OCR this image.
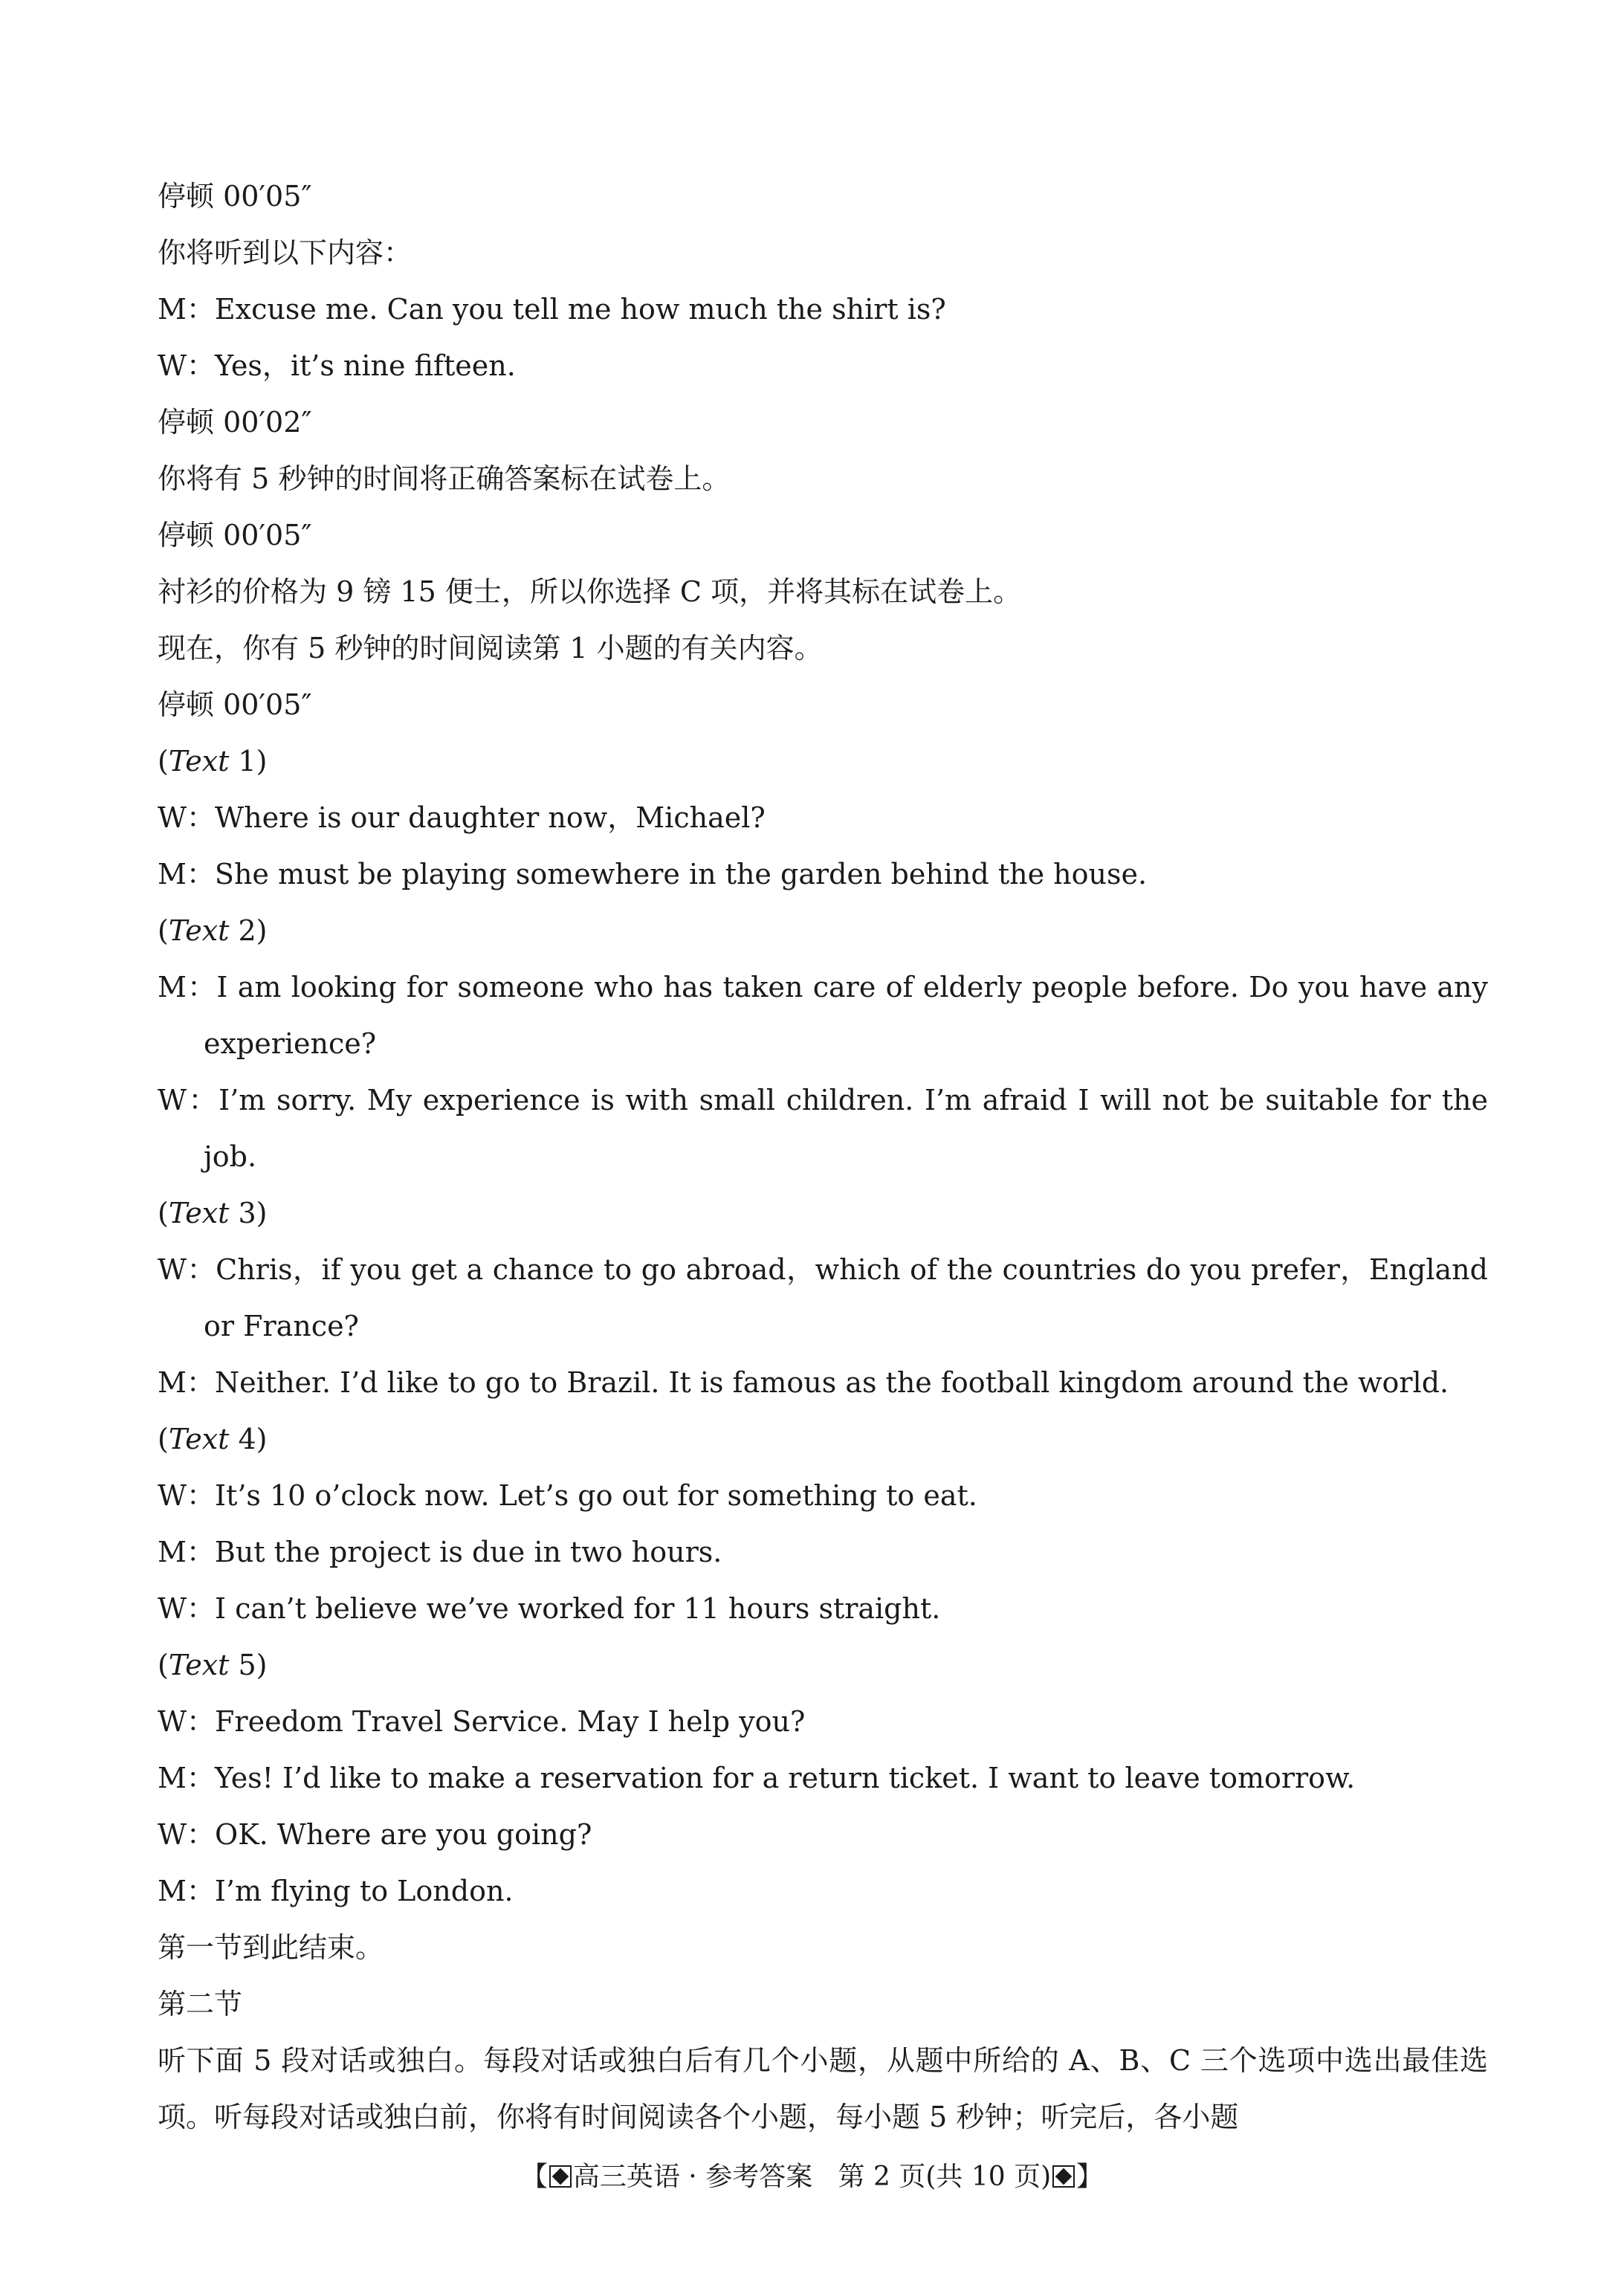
停顿 00′05″
你将听到以下内容：
M：Excuse me. Can you tell me how much the shirt is?
W：Yes，it’s nine fifteen.
停顿 00′02″
你将有 5 秒钟的时间将正确答案标在试卷上。
停顿 00′05″
衬衫的价格为 9 镑 15 便士，所以你选择 C 项，并将其标在试卷上。
现在，你有 5 秒钟的时间阅读第 1 小题的有关内容。
停顿 00′05″
(Text 1)
W：Where is our daughter now，Michael?
M：She must be playing somewhere in the garden behind the house.
(Text 2)
M：I am looking for someone who has taken care of elderly people before. Do you have any experience?
W：I’m sorry. My experience is with small children. I’m afraid I will not be suitable for the job.
(Text 3)
W：Chris，if you get a chance to go abroad，which of the countries do you prefer，England or France?
M：Neither. I’d like to go to Brazil. It is famous as the football kingdom around the world.
(Text 4)
W：It’s 10 o’clock now. Let’s go out for something to eat.
M：But the project is due in two hours.
W：I can’t believe we’ve worked for 11 hours straight.
(Text 5)
W：Freedom Travel Service. May I help you?
M：Yes! I’d like to make a reservation for a return ticket. I want to leave tomorrow.
W：OK. Where are you going?
M：I’m flying to London.
第一节到此结束。
第二节
听下面 5 段对话或独白。每段对话或独白后有几个小题，从题中所给的 A、B、C 三个选项中选出最佳选项。听每段对话或独白前，你将有时间阅读各个小题，每小题 5 秒钟；听完后，各小题
【 高三英语 · 参考答案 第 2 页(共 10 页) 】
